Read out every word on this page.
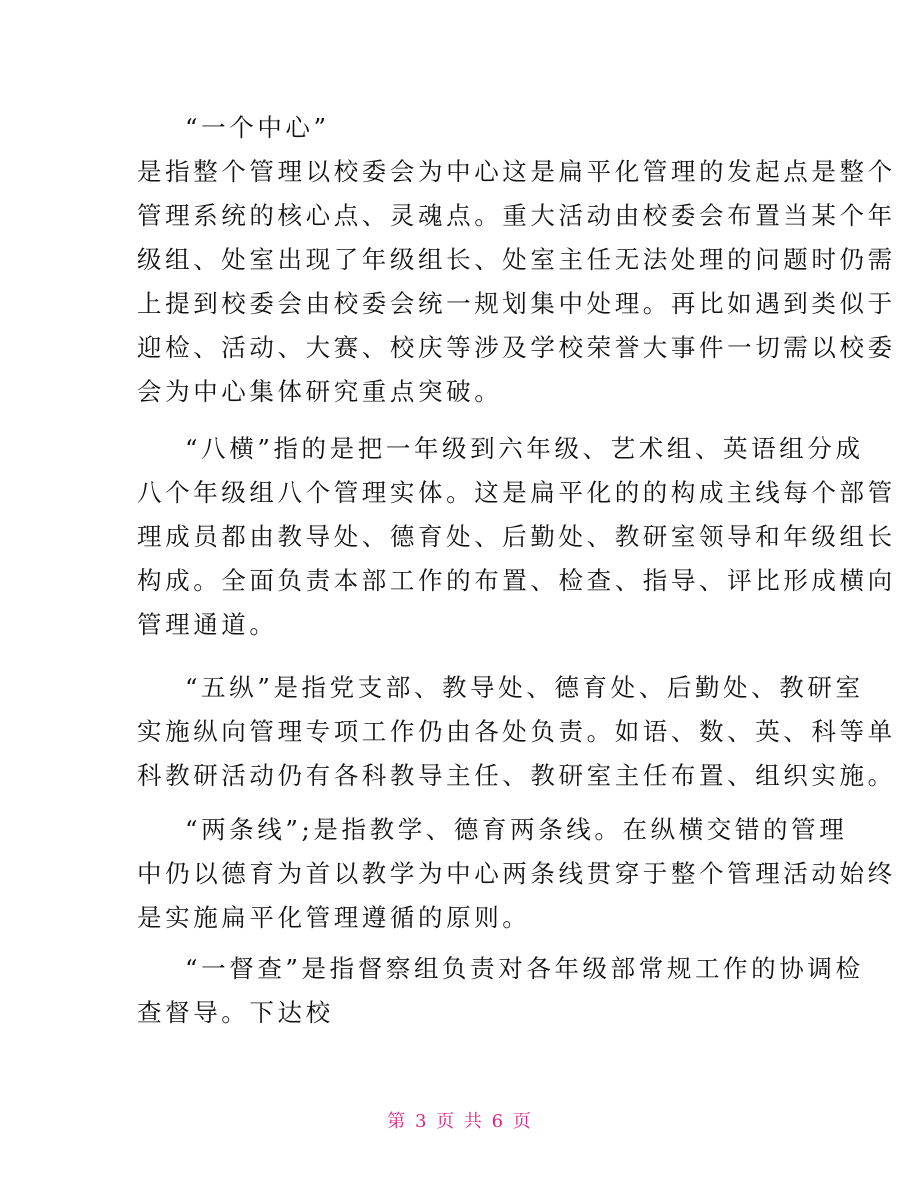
“一个中心”
是指整个管理以校委会为中心这是扁平化管理的发起点是整个
管理系统的核心点、灵魂点。重大活动由校委会布置当某个年
级组、处室出现了年级组长、处室主任无法处理的问题时仍需
上提到校委会由校委会统一规划集中处理。再比如遇到类似于
迎检、活动、大赛、校庆等涉及学校荣誉大事件一切需以校委
会为中心集体研究重点突破。
“八横”指的是把一年级到六年级、艺术组、英语组分成
八个年级组八个管理实体。这是扁平化的的构成主线每个部管
理成员都由教导处、德育处、后勤处、教研室领导和年级组长
构成。全面负责本部工作的布置、检查、指导、评比形成横向
管理通道。
“五纵”是指党支部、教导处、德育处、后勤处、教研室
实施纵向管理专项工作仍由各处负责。如语、数、英、科等单
科教研活动仍有各科教导主任、教研室主任布置、组织实施。
“两条线”;是指教学、德育两条线。在纵横交错的管理
中仍以德育为首以教学为中心两条线贯穿于整个管理活动始终
是实施扁平化管理遵循的原则。
“一督查”是指督察组负责对各年级部常规工作的协调检
查督导。下达校
第 3 页 共 6 页
